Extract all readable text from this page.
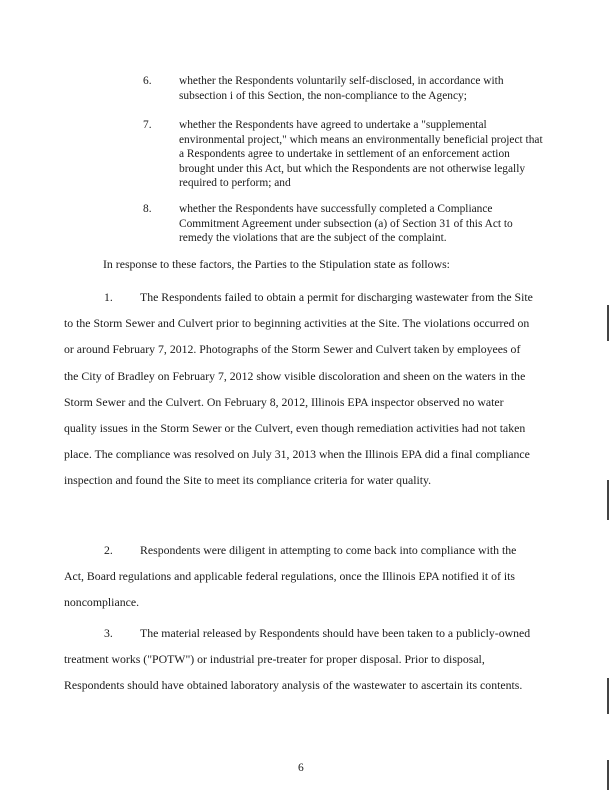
6.	whether the Respondents voluntarily self-disclosed, in accordance with subsection i of this Section, the non-compliance to the Agency;
7.	whether the Respondents have agreed to undertake a "supplemental environmental project," which means an environmentally beneficial project that a Respondents agree to undertake in settlement of an enforcement action brought under this Act, but which the Respondents are not otherwise legally required to perform; and
8.	whether the Respondents have successfully completed a Compliance Commitment Agreement under subsection (a) of Section 31 of this Act to remedy the violations that are the subject of the complaint.
In response to these factors, the Parties to the Stipulation state as follows:
1.	The Respondents failed to obtain a permit for discharging wastewater from the Site to the Storm Sewer and Culvert prior to beginning activities at the Site. The violations occurred on or around February 7, 2012. Photographs of the Storm Sewer and Culvert taken by employees of the City of Bradley on February 7, 2012 show visible discoloration and sheen on the waters in the Storm Sewer and the Culvert. On February 8, 2012, Illinois EPA inspector observed no water quality issues in the Storm Sewer or the Culvert, even though remediation activities had not taken place. The compliance was resolved on July 31, 2013 when the Illinois EPA did a final compliance inspection and found the Site to meet its compliance criteria for water quality.

2.	Respondents were diligent in attempting to come back into compliance with the Act, Board regulations and applicable federal regulations, once the Illinois EPA notified it of its noncompliance.

3.	The material released by Respondents should have been taken to a publicly-owned treatment works ("POTW") or industrial pre-treater for proper disposal. Prior to disposal, Respondents should have obtained laboratory analysis of the wastewater to ascertain its contents.

6
